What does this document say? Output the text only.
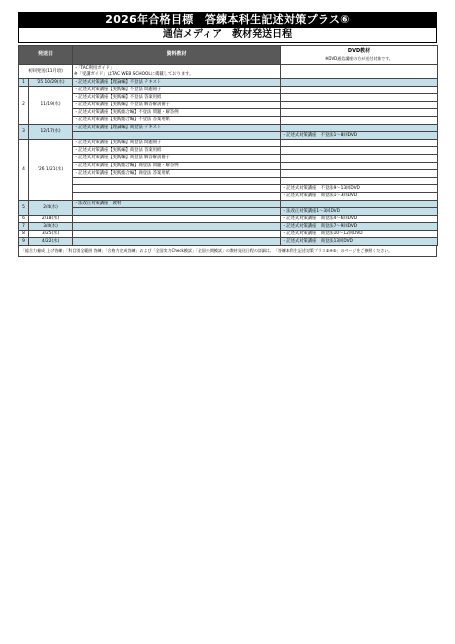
2026年合格目標　答練本科生記述対策プラス⑥
通信メディア　教材発送日程
発送日		資料教材	DVD教材
※DVD通信講座の方が送付対象です。

初回発送(11月頃)		・「TAC利用ガイド」
※「受講ガイド」はTAC WEB SCHOOLに掲載しております。	

1	'25 10/29(水)	・記述式対策講座【理論編】不登法 テキスト	
2	11/19(水)	・記述式対策講座【実践編】不登法 問題冊子	
		・記述式対策講座【実践編】不登法 答案用紙	
		・記述式対策講座【実践編】不登法 解答解説冊子	
		・記述式対策講座【実践総合編】不登法 問題・解答例	
		・記述式対策講座【実践総合編】不登法 答案用紙	
3	12/17(水)	・記述式対策講座【理論編】商登法 テキスト	
			・記述式対策講座　不登法1～8回DVD
4	'26 1/21(水)	・記述式対策講座【実践編】商登法 問題冊子	
		・記述式対策講座【実践編】商登法 答案用紙	
		・記述式対策講座【実践編】商登法 解答解説冊子	
		・記述式対策講座【実践総合編】商登法 問題・解答例	
		・記述式対策講座【実践総合編】商登法 答案用紙	

			・記述式対策講座　不登法9～13回DVD
			・記述式対策講座　商登法1～3回DVD
5	2/4(水)	・法改正対策講座　教材	
			・法改正対策講座1～3回DVD
6	2/18(水)		・記述式対策講座　商登法4～6回DVD
7	3/4(水)		・記述式対策講座　商登法7～9回DVD
8	3/25(水)		・記述式対策講座　商登法10～12回DVD
9	4/22(水)		・記述式対策講座　商登法13回DVD
「総合力養成 上げ答練」「科目別全範囲 答練」「合格力完成答練」および「全国実力Check模試」「全国公開模試」の教材発送日程の詳細は、「答練本科生記述対策プラス①④⑤」のページをご参照ください。
